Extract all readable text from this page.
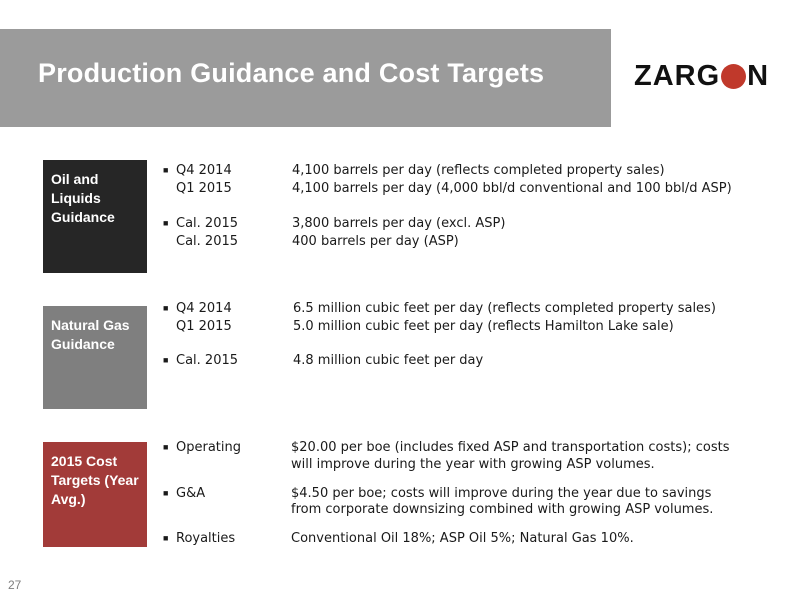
Production Guidance and Cost Targets	ZARG N
Oil and Liquids Guidance
■ Q4 2014	4,100 barrels per day (reflects completed property sales)
Q1 2015	4,100 barrels per day (4,000 bbl/d conventional and 100 bbl/d ASP)
■ Cal. 2015	3,800 barrels per day (excl. ASP)
Cal. 2015	400 barrels per day (ASP)
Natural Gas Guidance
■ Q4 2014	6.5 million cubic feet per day (reflects completed property sales)
Q1 2015	5.0 million cubic feet per day (reflects Hamilton Lake sale)
■ Cal. 2015	4.8 million cubic feet per day
2015 Cost Targets (Year Avg.)
■ Operating	$20.00 per boe (includes fixed ASP and transportation costs); costs
will improve during the year with growing ASP volumes.
■ G&A	$4.50 per boe; costs will improve during the year due to savings
from corporate downsizing combined with growing ASP volumes.
■ Royalties	Conventional Oil 18%; ASP Oil 5%; Natural Gas 10%.
27
